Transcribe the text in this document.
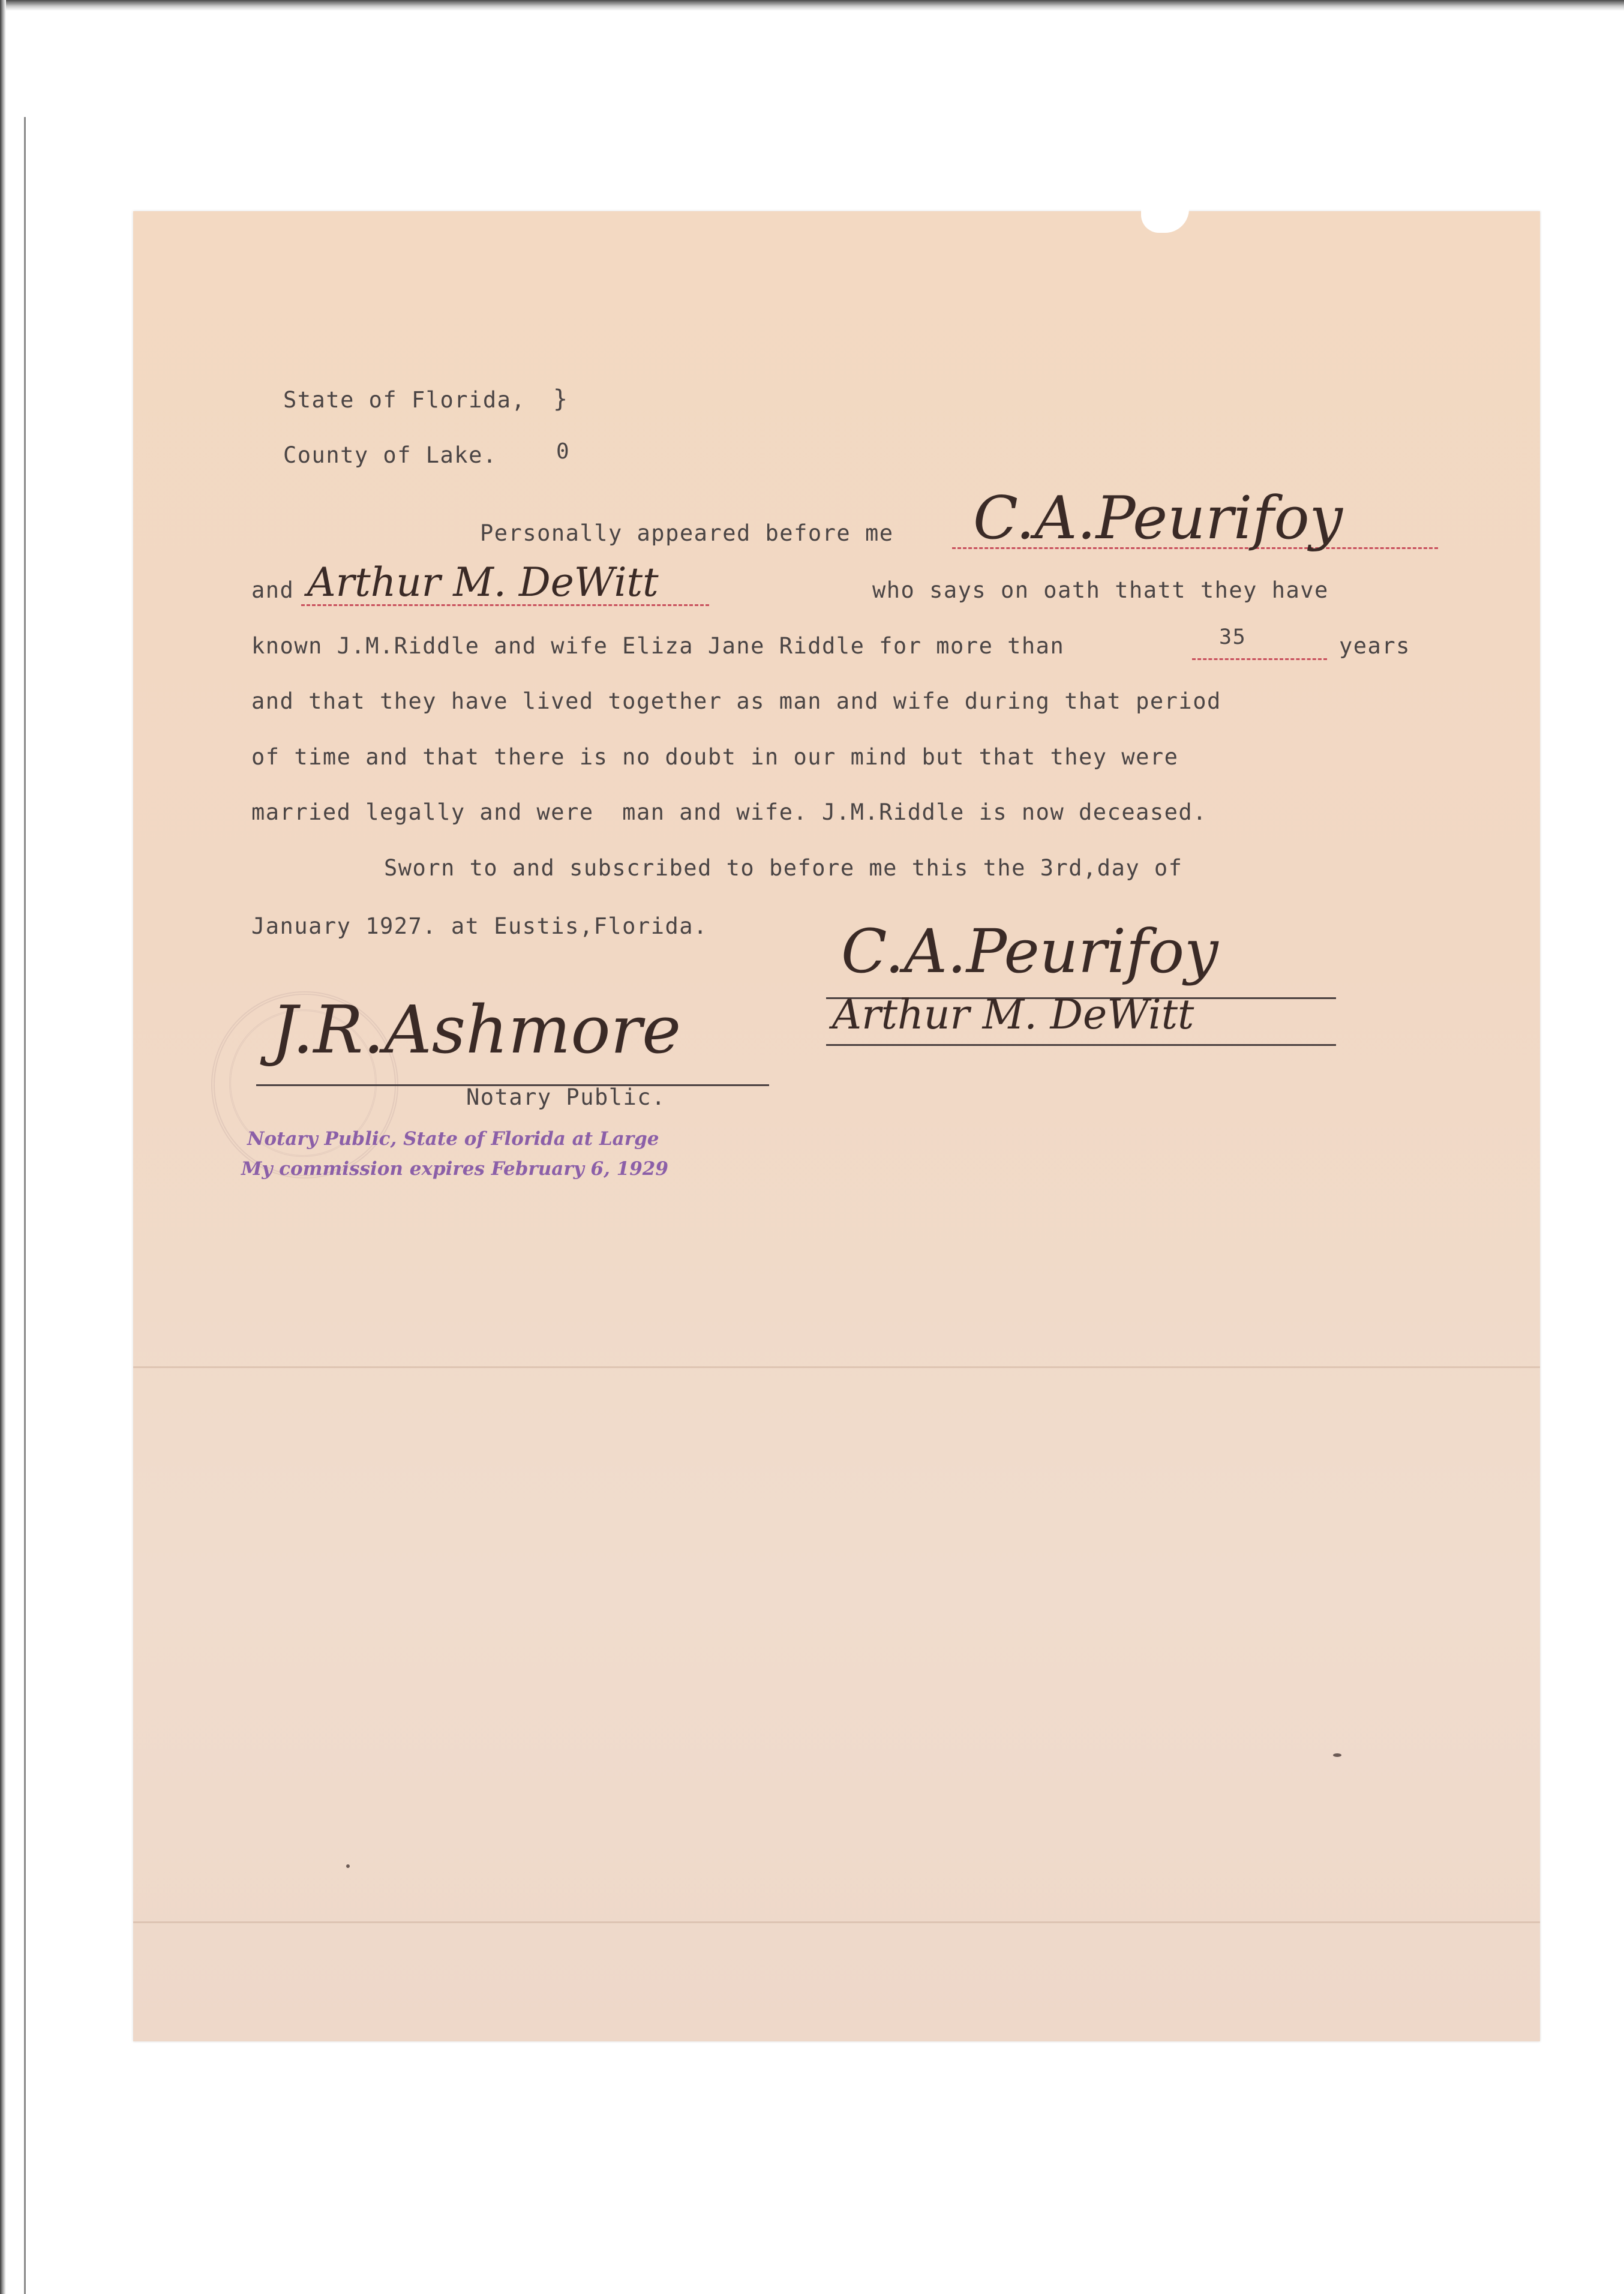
State of Florida,
County of Lake.
}
0
Personally appeared before me C.A.Peurifoy
and Arthur M. DeWitt	who says on oath thatt they have
known J.M.Riddle and wife Eliza Jane Riddle for more than	35	years
and that they have lived together as man and wife during that period
of time and that there is no doubt in our mind but that they were
married legally and were  man and wife. J.M.Riddle is now deceased.
Sworn to and subscribed to before me this the 3rd,day of
January 1927. at Eustis,Florida. C.A.Peurifoy
Arthur M. DeWitt
J.R.Ashmore
Notary Public.
Notary Public, State of Florida at Large
My commission expires February 6, 1929
